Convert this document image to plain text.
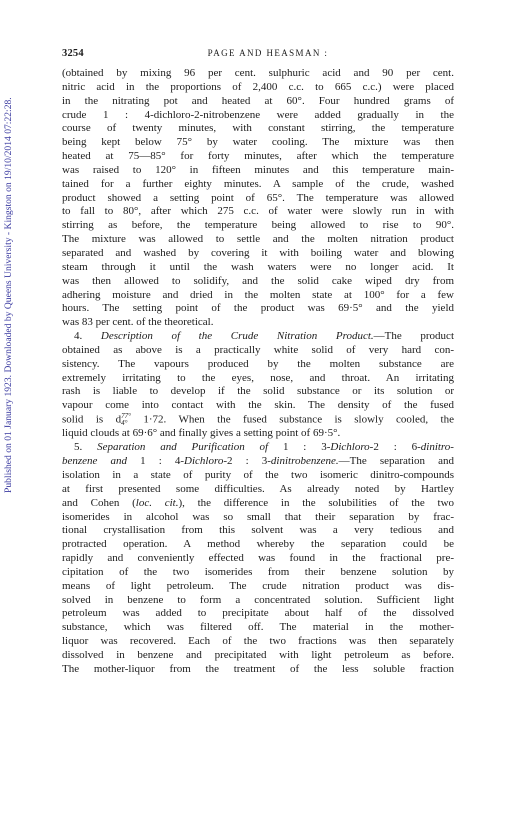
Published on 01 January 1923. Downloaded by Queens University - Kingston on 19/10/2014 07:22:28.
3254	PAGE AND HEASMAN :
(obtained by mixing 96 per cent. sulphuric acid and 90 per cent.
nitric acid in the proportions of 2,400 c.c. to 665 c.c.) were placed
in the nitrating pot and heated at 60°. Four hundred grams of
crude 1 : 4-dichloro-2-nitrobenzene were added gradually in the
course of twenty minutes, with constant stirring, the temperature
being kept below 75° by water cooling. The mixture was then
heated at 75—85° for forty minutes, after which the temperature
was raised to 120° in fifteen minutes and this temperature main-
tained for a further eighty minutes. A sample of the crude, washed
product showed a setting point of 65°. The temperature was allowed
to fall to 80°, after which 275 c.c. of water were slowly run in with
stirring as before, the temperature being allowed to rise to 90°.
The mixture was allowed to settle and the molten nitration product
separated and washed by covering it with boiling water and blowing
steam through it until the wash waters were no longer acid. It
was then allowed to solidify, and the solid cake wiped dry from
adhering moisture and dried in the molten state at 100° for a few
hours. The setting point of the product was 69·5° and the yield
was 83 per cent. of the theoretical.
4. Description of the Crude Nitration Product.—The product
obtained as above is a practically white solid of very hard con-
sistency. The vapours produced by the molten substance are
extremely irritating to the eyes, nose, and throat. An irritating
rash is liable to develop if the solid substance or its solution or
vapour come into contact with the skin. The density of the fused
solid is d 77°
4° 1·72. When the fused substance is slowly cooled, the
liquid clouds at 69·6° and finally gives a setting point of 69·5°.
5. Separation and Purification of 1 : 3-Dichloro-2 : 6-dinitro-
benzene and 1 : 4-Dichloro-2 : 3-dinitrobenzene.—The separation and
isolation in a state of purity of the two isomeric dinitro-compounds
at first presented some difficulties. As already noted by Hartley
and Cohen (loc. cit.), the difference in the solubilities of the two
isomerides in alcohol was so small that their separation by frac-
tional crystallisation from this solvent was a very tedious and
protracted operation. A method whereby the separation could be
rapidly and conveniently effected was found in the fractional pre-
cipitation of the two isomerides from their benzene solution by
means of light petroleum. The crude nitration product was dis-
solved in benzene to form a concentrated solution. Sufficient light
petroleum was added to precipitate about half of the dissolved
substance, which was filtered off. The material in the mother-
liquor was recovered. Each of the two fractions was then separately
dissolved in benzene and precipitated with light petroleum as before.
The mother-liquor from the treatment of the less soluble fraction
